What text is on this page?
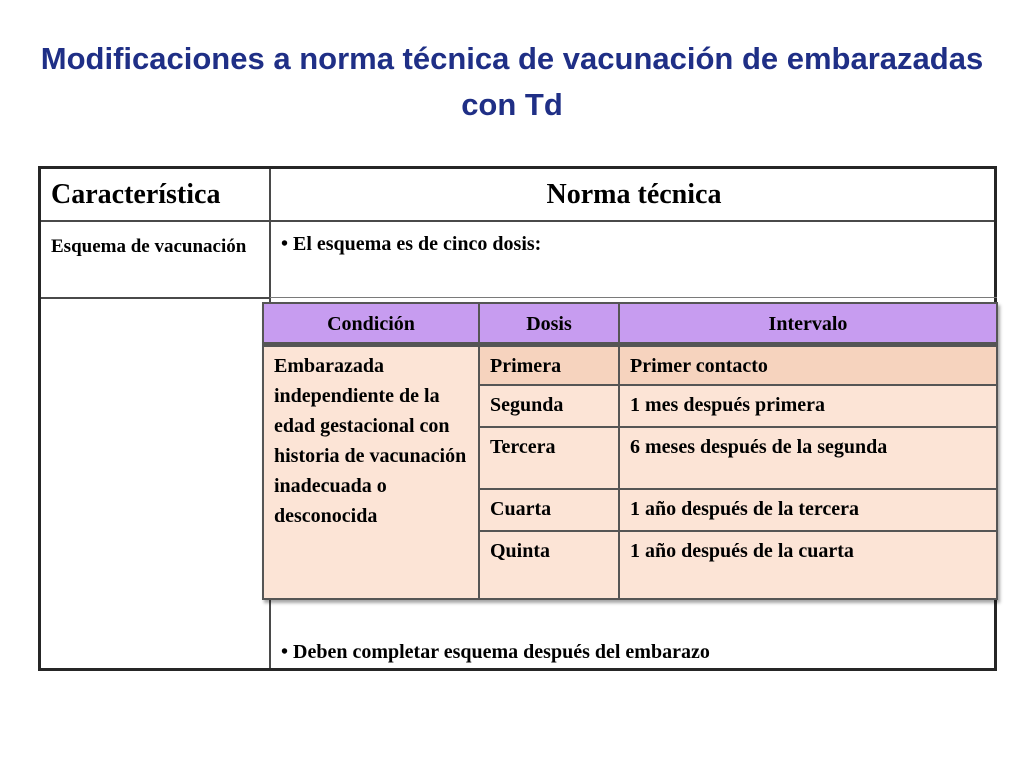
Modificaciones a norma técnica de vacunación de embarazadas con Td
Característica	Norma técnica
Esquema de vacunación	• El esquema es de cinco dosis:
• Deben completar esquema después del embarazo
Condición	Dosis	Intervalo
Embarazada independiente de la edad gestacional con historia de vacunación inadecuada o desconocida
Primera	Primer contacto
Segunda	1 mes después primera
Tercera	6 meses después de la segunda
Cuarta	1 año después de la tercera
Quinta	1 año después de la cuarta
